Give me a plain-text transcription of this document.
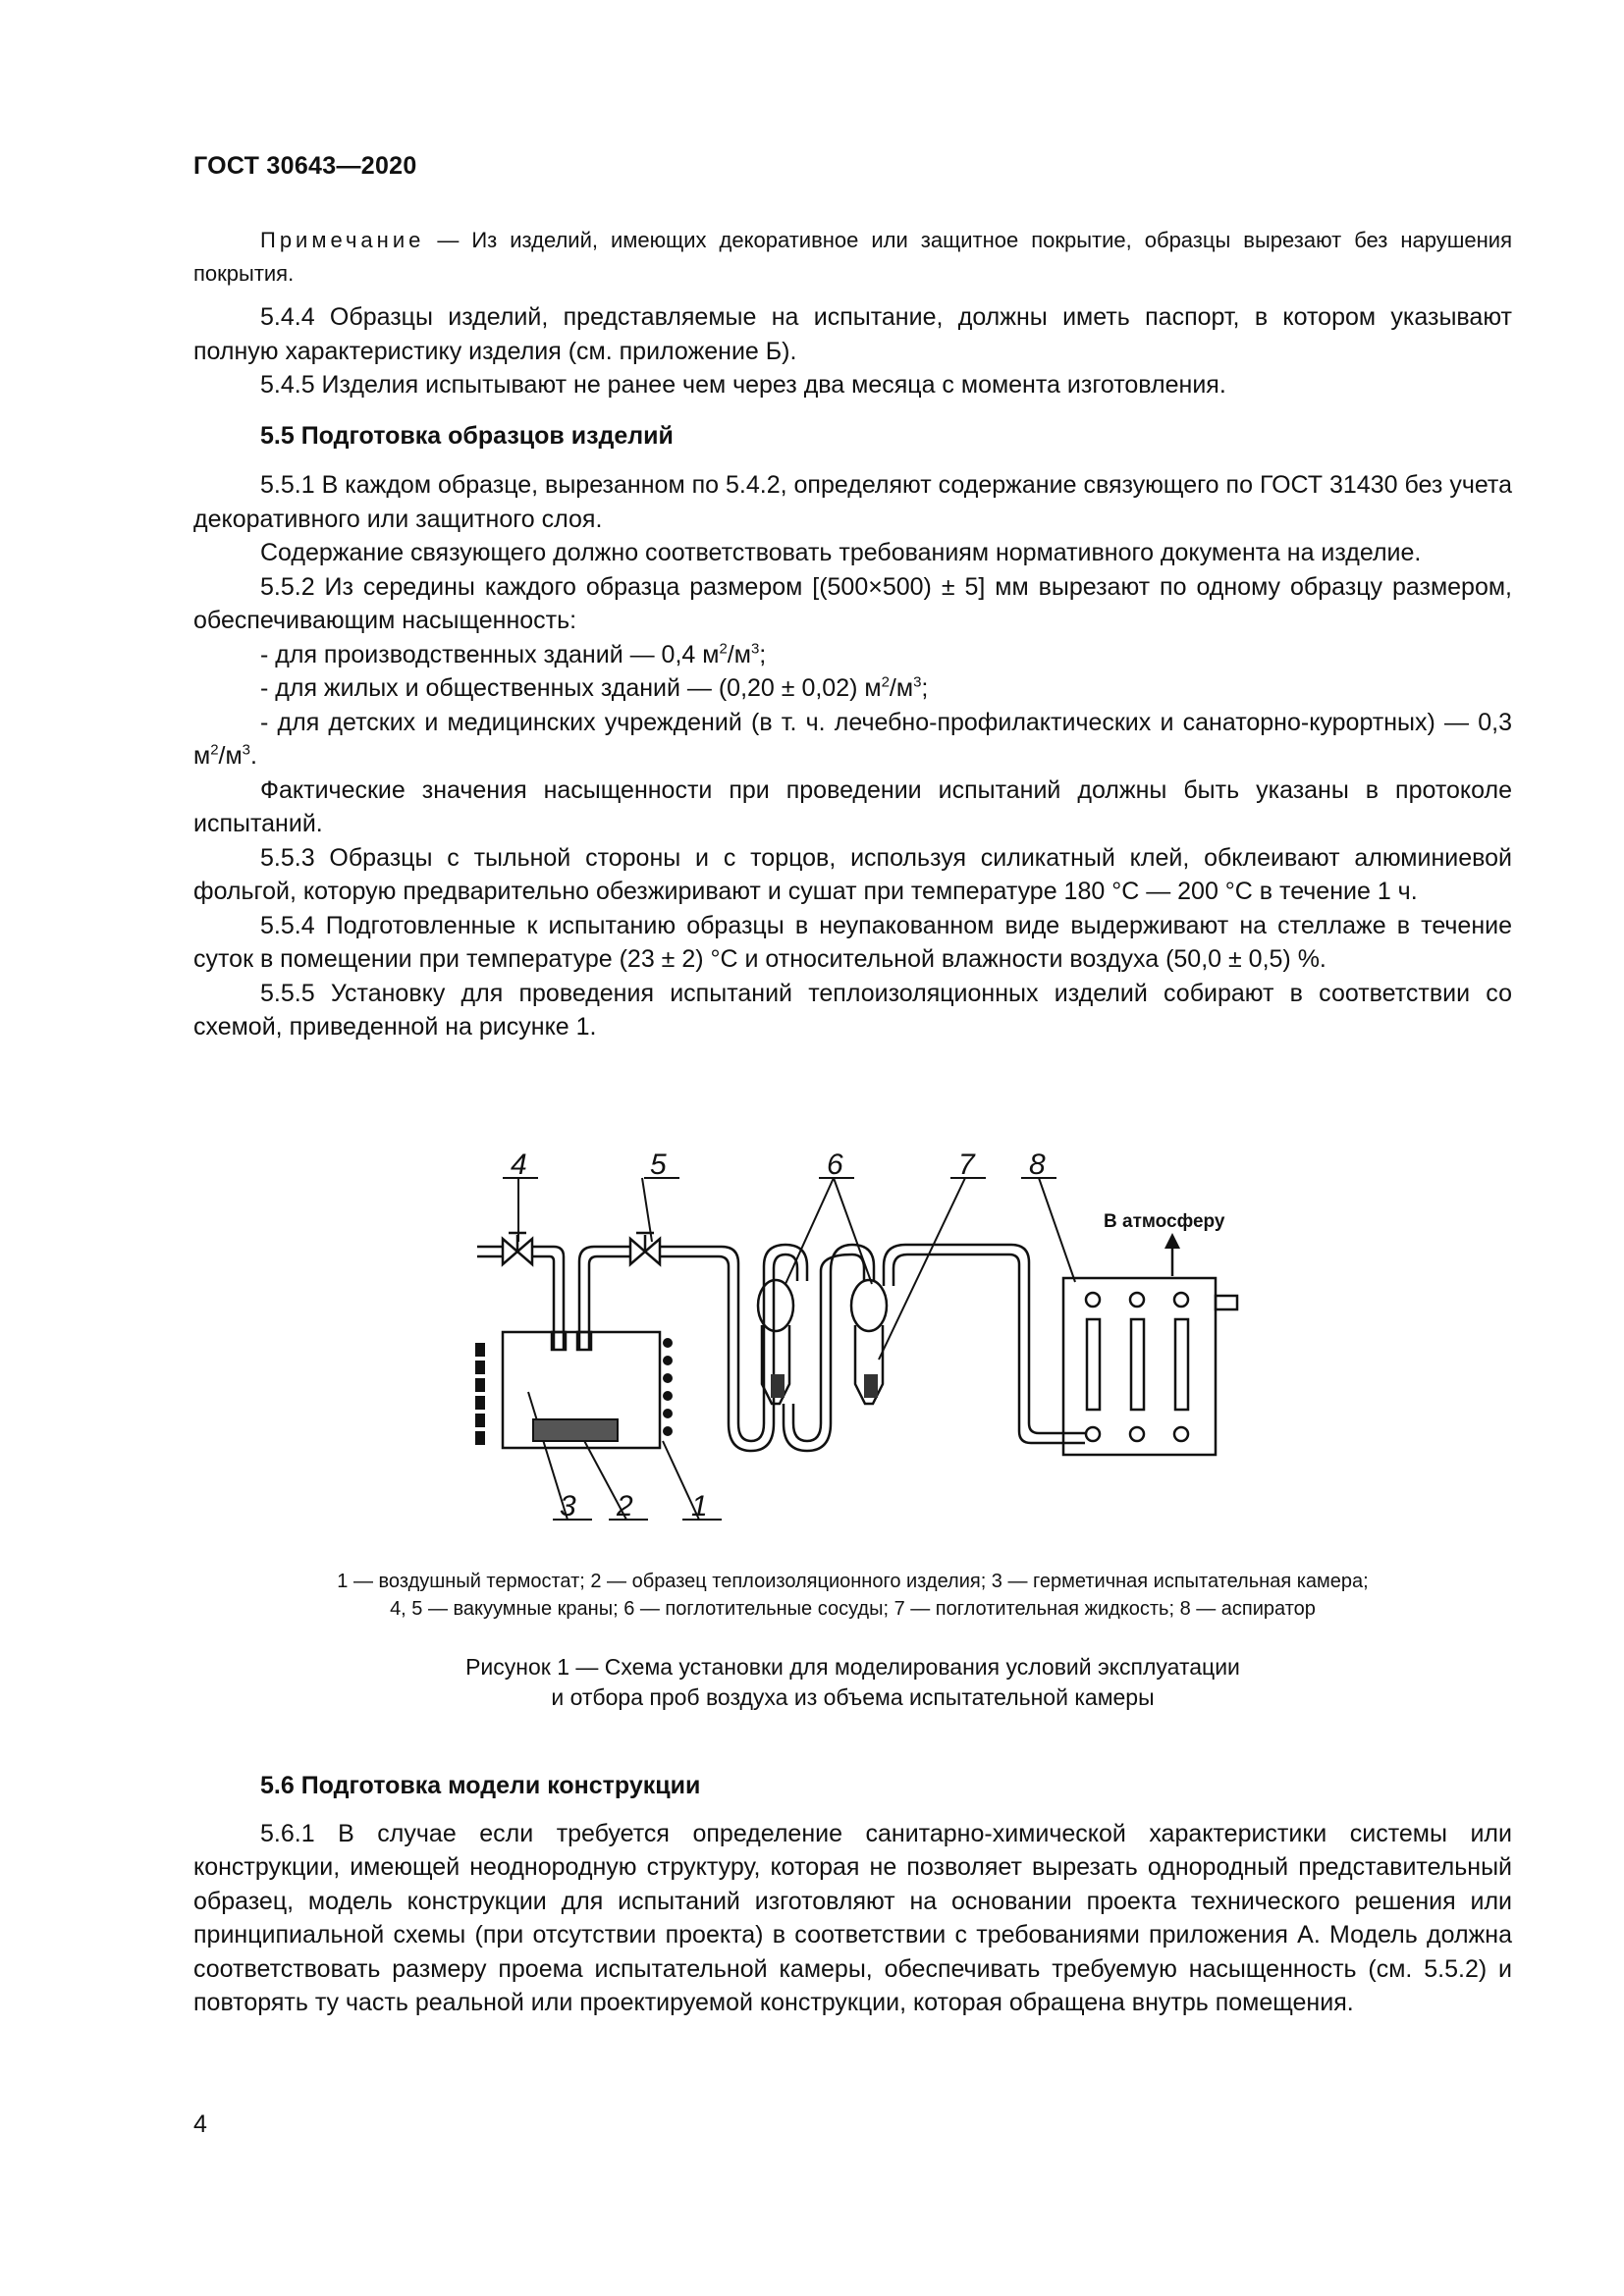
ГОСТ 30643—2020

Примечание — Из изделий, имеющих декоративное или защитное покрытие, образцы вырезают без нарушения покрытия.

5.4.4 Образцы изделий, представляемые на испытание, должны иметь паспорт, в котором указывают полную характеристику изделия (см. приложение Б).

5.4.5 Изделия испытывают не ранее чем через два месяца с момента изготовления.

5.5 Подготовка образцов изделий

5.5.1 В каждом образце, вырезанном по 5.4.2, определяют содержание связующего по ГОСТ 31430 без учета декоративного или защитного слоя.

Содержание связующего должно соответствовать требованиям нормативного документа на изделие.

5.5.2 Из середины каждого образца размером [(500×500) ± 5] мм вырезают по одному образцу размером, обеспечивающим насыщенность:

- для производственных зданий — 0,4 $м^2/м^3$;

- для жилых и общественных зданий — (0,20 ± 0,02) $м^2/м^3$;

- для детских и медицинских учреждений (в т. ч. лечебно-профилактических и санаторно-курортных) — 0,3 $м^2/м^3$.

Фактические значения насыщенности при проведении испытаний должны быть указаны в протоколе испытаний.

5.5.3 Образцы с тыльной стороны и с торцов, используя силикатный клей, обклеивают алюминиевой фольгой, которую предварительно обезжиривают и сушат при температуре 180 °С — 200 °С в течение 1 ч.

5.5.4 Подготовленные к испытанию образцы в неупакованном виде выдерживают на стеллаже в течение суток в помещении при температуре (23 ± 2) °С и относительной влажности воздуха (50,0 ± 0,5) %.

5.5.5 Установку для проведения испытаний теплоизоляционных изделий собирают в соответствии со схемой, приведенной на рисунке 1.

4	5	6	7 8
3 2 1
В атмосферу
1 — воздушный термостат; 2 — образец теплоизоляционного изделия; 3 — герметичная испытательная камера;
4, 5 — вакуумные краны; 6 — поглотительные сосуды; 7 — поглотительная жидкость; 8 — аспиратор
Рисунок 1 — Схема установки для моделирования условий эксплуатации
и отбора проб воздуха из объема испытательной камеры

5.6 Подготовка модели конструкции

5.6.1 В случае если требуется определение санитарно-химической характеристики системы или конструкции, имеющей неоднородную структуру, которая не позволяет вырезать однородный представительный образец, модель конструкции для испытаний изготовляют на основании проекта технического решения или принципиальной схемы (при отсутствии проекта) в соответствии с требованиями приложения А. Модель должна соответствовать размеру проема испытательной камеры, обеспечивать требуемую насыщенность (см. 5.5.2) и повторять ту часть реальной или проектируемой конструкции, которая обращена внутрь помещения.

4
